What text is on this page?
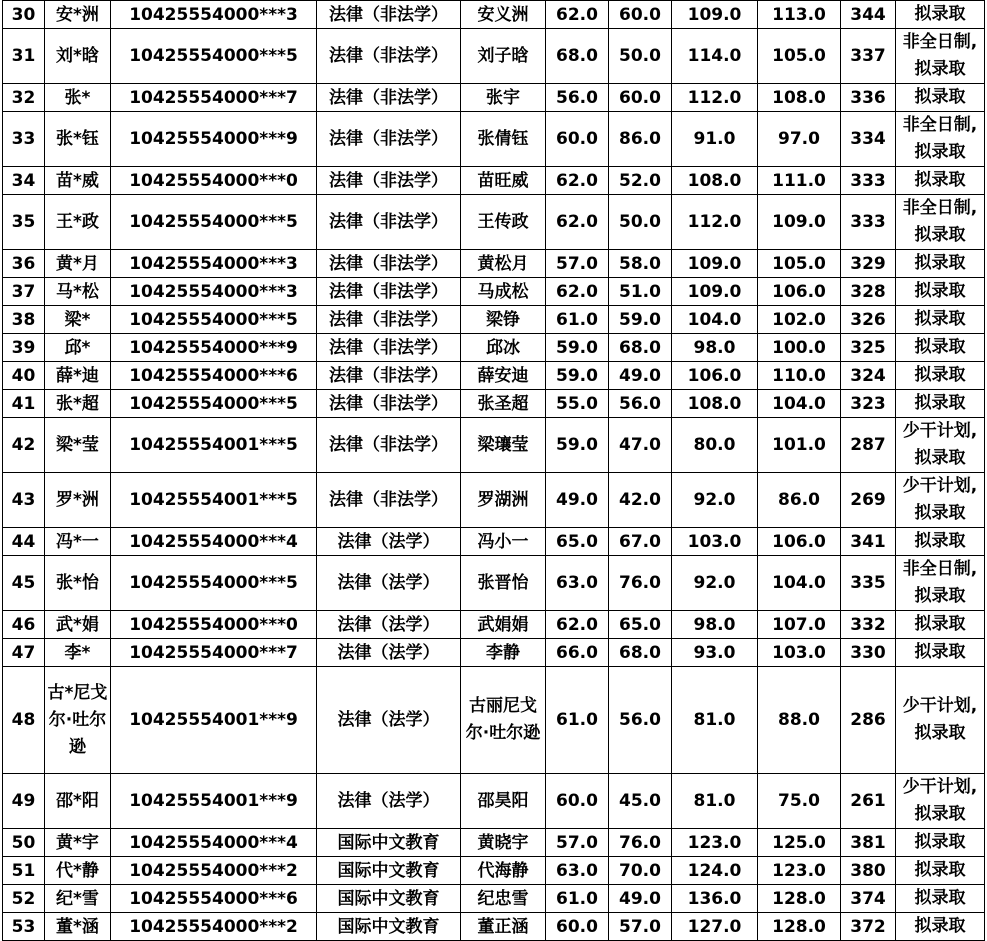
30	安*洲	10425554000***3	法律（非法学）	安义洲	62.0	60.0	109.0	113.0	344	拟录取
31	刘*晗	10425554000***5	法律（非法学）	刘子晗	68.0	50.0	114.0	105.0	337	非全日制,拟录取
32	张*	10425554000***7	法律（非法学）	张宇	56.0	60.0	112.0	108.0	336	拟录取
33	张*钰	10425554000***9	法律（非法学）	张倩钰	60.0	86.0	91.0	97.0	334	非全日制,拟录取
34	苗*威	10425554000***0	法律（非法学）	苗旺威	62.0	52.0	108.0	111.0	333	拟录取
35	王*政	10425554000***5	法律（非法学）	王传政	62.0	50.0	112.0	109.0	333	非全日制,拟录取
36	黄*月	10425554000***3	法律（非法学）	黄松月	57.0	58.0	109.0	105.0	329	拟录取
37	马*松	10425554000***3	法律（非法学）	马成松	62.0	51.0	109.0	106.0	328	拟录取
38	梁*	10425554000***5	法律（非法学）	梁铮	61.0	59.0	104.0	102.0	326	拟录取
39	邱*	10425554000***9	法律（非法学）	邱冰	59.0	68.0	98.0	100.0	325	拟录取
40	薛*迪	10425554000***6	法律（非法学）	薛安迪	59.0	49.0	106.0	110.0	324	拟录取
41	张*超	10425554000***5	法律（非法学）	张圣超	55.0	56.0	108.0	104.0	323	拟录取
42	梁*莹	10425554001***5	法律（非法学）	梁瓖莹	59.0	47.0	80.0	101.0	287	少干计划,拟录取
43	罗*洲	10425554001***5	法律（非法学）	罗湖洲	49.0	42.0	92.0	86.0	269	少干计划,拟录取
44	冯*一	10425554000***4	法律（法学）	冯小一	65.0	67.0	103.0	106.0	341	拟录取
45	张*怡	10425554000***5	法律（法学）	张晋怡	63.0	76.0	92.0	104.0	335	非全日制,拟录取
46	武*娟	10425554000***0	法律（法学）	武娟娟	62.0	65.0	98.0	107.0	332	拟录取
47	李*	10425554000***7	法律（法学）	李静	66.0	68.0	93.0	103.0	330	拟录取
48	古*尼戈尔·吐尔逊	10425554001***9	法律（法学）	古丽尼戈尔·吐尔逊	61.0	56.0	81.0	88.0	286	少干计划,拟录取
49	邵*阳	10425554001***9	法律（法学）	邵昊阳	60.0	45.0	81.0	75.0	261	少干计划,拟录取
50	黄*宇	10425554000***4	国际中文教育	黄晓宇	57.0	76.0	123.0	125.0	381	拟录取
51	代*静	10425554000***2	国际中文教育	代海静	63.0	70.0	124.0	123.0	380	拟录取
52	纪*雪	10425554000***6	国际中文教育	纪忠雪	61.0	49.0	136.0	128.0	374	拟录取
53	董*涵	10425554000***2	国际中文教育	董正涵	60.0	57.0	127.0	128.0	372	拟录取
